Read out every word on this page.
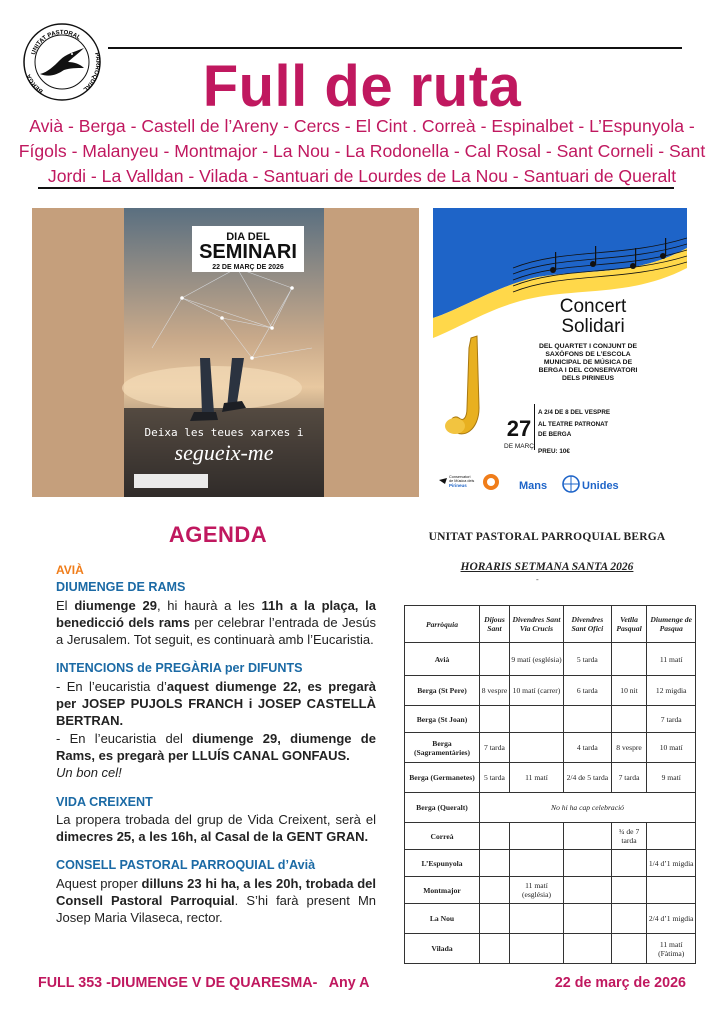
UNITAT PASTORAL
BERGA
PARROQUIAL	Full de ruta
Avià - Berga - Castell de l’Areny - Cercs - El Cint . Correà - Espinalbet - L’Espunyola - Fígols - Malanyeu - Montmajor - La Nou - La Rodonella - Cal Rosal - Sant Corneli - Sant Jordi - La Valldan - Vilada - Santuari de Lourdes de La Nou - Santuari de Queralt
DIA DEL
SEMINARI
22 DE MARÇ DE 2026
Deixa les teues xarxes i
segueix-me
Concert
Solidari
DEL QUARTET I CONJUNT DE
SAXÒFONS DE L’ESCOLA
MUNICIPAL DE MÚSICA DE
BERGA I DEL CONSERVATORI
DELS PIRINEUS
27
DE MARÇ
A 2/4 DE 8 DEL VESPRE
AL TEATRE PATRONAT
DE BERGA
PREU: 10€
Conservatori
de Música dels
Pirineus	Mans	Unides
AGENDA
AVIÀ
DIUMENGE DE RAMS

El diumenge 29, hi haurà a les 11h a la plaça, la benedicció dels rams per celebrar l’entrada de Jesús a Jerusalem. Tot seguit, es continuarà amb l’Eucaristia.

INTENCIONS de PREGÀRIA per DIFUNTS

- En l’eucaristia d’aquest diumenge 22, es pregarà per JOSEP PUJOLS FRANCH i JOSEP CASTELLÀ BERTRAN.

- En l’eucaristia del diumenge 29, diumenge de Rams, es pregarà per LLUÍS CANAL GONFAUS.

Un bon cel!

VIDA CREIXENT

La propera trobada del grup de Vida Creixent, serà el dimecres 25, a les 16h, al Casal de la GENT GRAN.

CONSELL PASTORAL PARROQUIAL d’Avià

Aquest proper dilluns 23 hi ha, a les 20h, trobada del Consell Pastoral Parroquial. S’hi farà present Mn Josep Maria Vilaseca, rector.

UNITAT PASTORAL PARROQUIAL BERGA
HORARIS SETMANA SANTA 2026
-
Parròquia	Dijous Sant	Divendres Sant Via Crucis	Divendres Sant Ofici	Vetlla Pasqual	Diumenge de Pasqua
Avià		9 matí (església)	5 tarda		11 matí
Berga (St Pere)	8 vespre	10 matí (carrer)	6 tarda	10 nit	12 migdia
Berga (St Joan)					7 tarda
Berga (Sagramentàries)	7 tarda		4 tarda	8 vespre	10 matí
Berga (Germanetes)	5 tarda	11 matí	2/4 de 5 tarda	7 tarda	9 matí
Berga (Queralt)	No hi ha cap celebració				
Correà				¾ de 7 tarda	
L’Espunyola					1/4 d’1 migdia
Montmajor		11 matí (església)			
La Nou					2/4 d’1 migdia
Vilada					11 matí (Fàtima)
FULL 353 -DIUMENGE V DE QUARESMA-   Any A	22 de març de 2026
